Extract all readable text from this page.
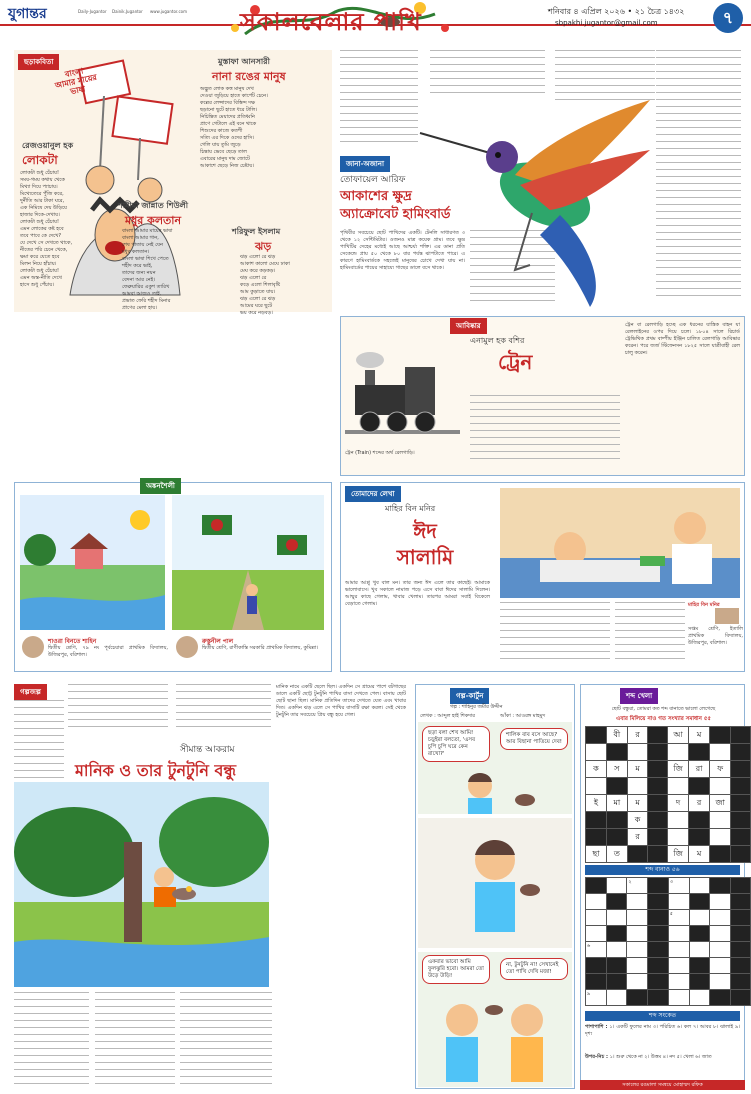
যুগান্তর	Daily-Jugantor Dainik.Jugantor www.jugantor.com সকালবেলার পাখি	শনিবার ৪ এপ্রিল ২০২৬ • ২১ চৈত্র ১৪৩২
sbpakhi.jugantor@gmail.com	৭
ছড়াকবিতা
রেজওয়ানুল হক
লোকটা
লোকটা শুধু চেঁচায়!
সময়-গময় কথায় থেকে
মিথ্যা দিয়ে প্যাচায়।
মিথ্যেতেরে পুঁজি করে,
দুর্নীতি আর টাকা ঘরে,
এক নিমিষে দেয় উড়িয়ে
হাজার দিকে-দেখায়।
লোকটা শুধু চেঁচায়!
এমন লোকের কষ্ট হবে
তবে পাবে কে দেখে?
যে দেখে সে দেখতে থাকে,
নীতের পরি চেনে খেকে,
ক্ষমা করে যেতে হবে
মিলন নিয়ে হাঁচায়।
লোকটা শুধু চেঁচায়!
এমন অন্ত-নীতি দেখে
হাসে শুধু পেঁচায়।
বাংলা
আমার মায়ের
ভাষা
শামীমা জান্নাত শিউলী
মধুর কলতান
বাংলা আমার মায়ের ভাষা
বাংলা আমার গান,
শেষ পাতায় নেই যেন
মধুর কলতান।
বাংলা ভাষা শিখে পেতে
শহীদ করে ভাই,
তাদের জন্য নয়ন
বেদনা আর নেই।
ফেব্রুয়ারির একুশ তারিখ
আমরা আজও তাই,
প্রভাত ফেরি শহীদ মিনার
প্রাণের মেলা হায়।
মুস্তাফা আনসারী
নানা রঙের মানুষ
অদ্ভুত লোক কত্ত মানুষ দেখ
দেওয়া জুড়িয়ে হাতে কার্পেট চেনে।
কল্লের লেন্সাদের বিস্তিন্দ দক্ষ
ছড়ানো ছুটে হাতে ধরে টালি।
নিচিন্তিত মেয়াদের প্রতিধ্বনি
প্রাণে গেটালে এই বনে থাকে
শিশুদের কাজে কতশী
সত্যি এর দিকে ওদের হাসি।
গেলি যায় তুমি জুড়ে
চিন্তায় ভেবে ছেড়ে তাল
এবারের মানুষ দাম জোটে
আকাশে ছেড়ে নিজ চেষ্টায়।
শরিফুল ইসলাম
ঝড়
ঝড় এলো রে ঝড়
আকাশ কালো মেঘে ঢাকা
মেঘ করে কড়কড়।
ঝড় এলো রে
কড়ে এলো শিলাবৃষ্টি
আম কুড়াতে যায়।
ঝড় এলো রে ঝড়
আমের ঘরে ছুটে
ভয় করে নড়বড়।
জানা-অজানা
তোফায়েল আরিফ
আকাশের ক্ষুদ্র অ্যাক্রোবেট হামিংবার্ড
পৃথিবীর সবচেয়ে ছোট পাখিদের একটি। টেনলি সাধারণত ৩ থেকে ১২ সেন্টিমিটার। ওজনও মাত্র কয়েক গ্রাম। তবে ক্ষুদ্র পাখিটির দেহের মধ্যেই আছে আশ্চর্য্য শক্তি। এর ডানা প্রতি সেকেন্ডে প্রায় ৫০ থেকে ৮০ বার পর্যন্ত ঝাপটাতে পারে। এ কারণে হামিংবার্ডকে সহজেই মানুষের চোখে দেখা যায় না। হামিংবার্ডের পায়ের সাহায্যে গাছের ডালে বসে থাকে।
আবিষ্কার
এনামুল হক বশির
ট্রেন
ট্রেন (Train) শব্দের অর্থ রেলগাড়ি।
ট্রেন বা রেলগাড়ি হচ্ছে এক ধরনের যান্ত্রিক বাহন যা রেললাইনের ওপর দিয়ে চলে। ১৮০৪ সালে রিচার্ড ট্রেভিথিক প্রথম বাষ্পীয় ইঞ্জিন চালিত রেলগাড়ি আবিষ্কার করেন। পরে জর্জ স্টিফেনসন ১৮২৫ সালে যাত্রীবাহী রেল চালু করেন।
অঙ্কনশৈলী
শাওরা বিনতে শাহিন
দ্বিতীয় শ্রেণি, ৭৯ নং পূর্বচেয়ারা প্রাথমিক বিদ্যালয়, উজিরপুর, বরিশাল।
রুস্তুনীল পাল
দ্বিতীয় শ্রেণি, রাণীকান্তি সরকারি প্রাথমিক বিদ্যালয়, কুমিল্লা।
তোমাদের লেখা
মাহির বিন মনির
ঈদ সালামি
আমার আপ্পু খুব বাল মন। তার জন্য ঈদ এলে তার কাছেই। আমাকে ভালোবাসে। খুব সকালে নামাজ পড়ে এসে বাবা ঈদের সালামি দিলেন। আম্মুর কাছে গেলাম, খাবার খেলাম। তারপর আমরা সবাই বিকেলে বেড়াতে গেলাম।	মাহির বিন মনির
সপ্তম শ্রেণি, ইতালি প্রাথমিক বিদ্যালয়, উজিরপুর, বরিশাল।
গল্পজল্প
মানিক নামে একটি ছেলে ছিল। একদিন সে গ্রামের পাশে বটগাছের ডালে একটি ছোট্ট টুনটুনি পাখির বাসা দেখতে পেল। বাসায় ছোট ছোট ছানা ছিল। মানিক প্রতিদিন তাদের দেখতে যেত এবং খাবার দিত। একদিন ঝড় এলে সে পাখির বাসাটি রক্ষা করল। সেই থেকে টুনটুনি তার সবচেয়ে প্রিয় বন্ধু হয়ে গেল।
সীমান্ত আকরাম
মানিক ও তার টুনটুনি বন্ধু
গল্প-কার্টুন
গল্প : শাহিনুর জমীর উদ্দীন
লেখক : আব্দুল হাই শিকদার	আঁকা : আওরঙ্গ মাহমুদ
ছড়া বলা শেখ আমি! চড়ুইরা বলতো, 'এসব চুপি চুপি ঘরে কেন রাখো?'
শালিক বাব বসে আছে? আর বিছানা পাতিয়ে দেব!
একবার ভাবো আমি ফুলঝুরি হবো। আমরা তো উড়ে উড়ি!
না, টুনটুনি না! সেখানেই তো পাখি দেখি মজা!
শব্দ খেলা
ছোট বন্ধুরা, তোমরা কত শব্দ বানাতে ভালো লেগেছে
এবার মিলিয়ে নাও গত সংখ্যার সমাধান ৫৫
	বী	র		আ	ম		

ক	স	ম		জি	রা	ফ	

ই	মা	ম		দ	র	জা	
		ক					
		র					
ছা	ত			জি	ম		
শব্দ বানাও ৫৬
		২		৩			

				৫			

৬							

৯							
শব্দ সংকেত
পাশাপাশি : ১। একটি ফুলের নাম ৩। পরিচিত ৬। কল ৭। আবর ৮। ঝালাই ৯। দৃশ্য
উপর-নিচ : ১। শুরু থেকে না ২। উত্তম ৪। নদ ৫। খেলা ৬। জাত
সকালের রঙমালা সমন্বয়ে মোহাম্মদ রফিক
